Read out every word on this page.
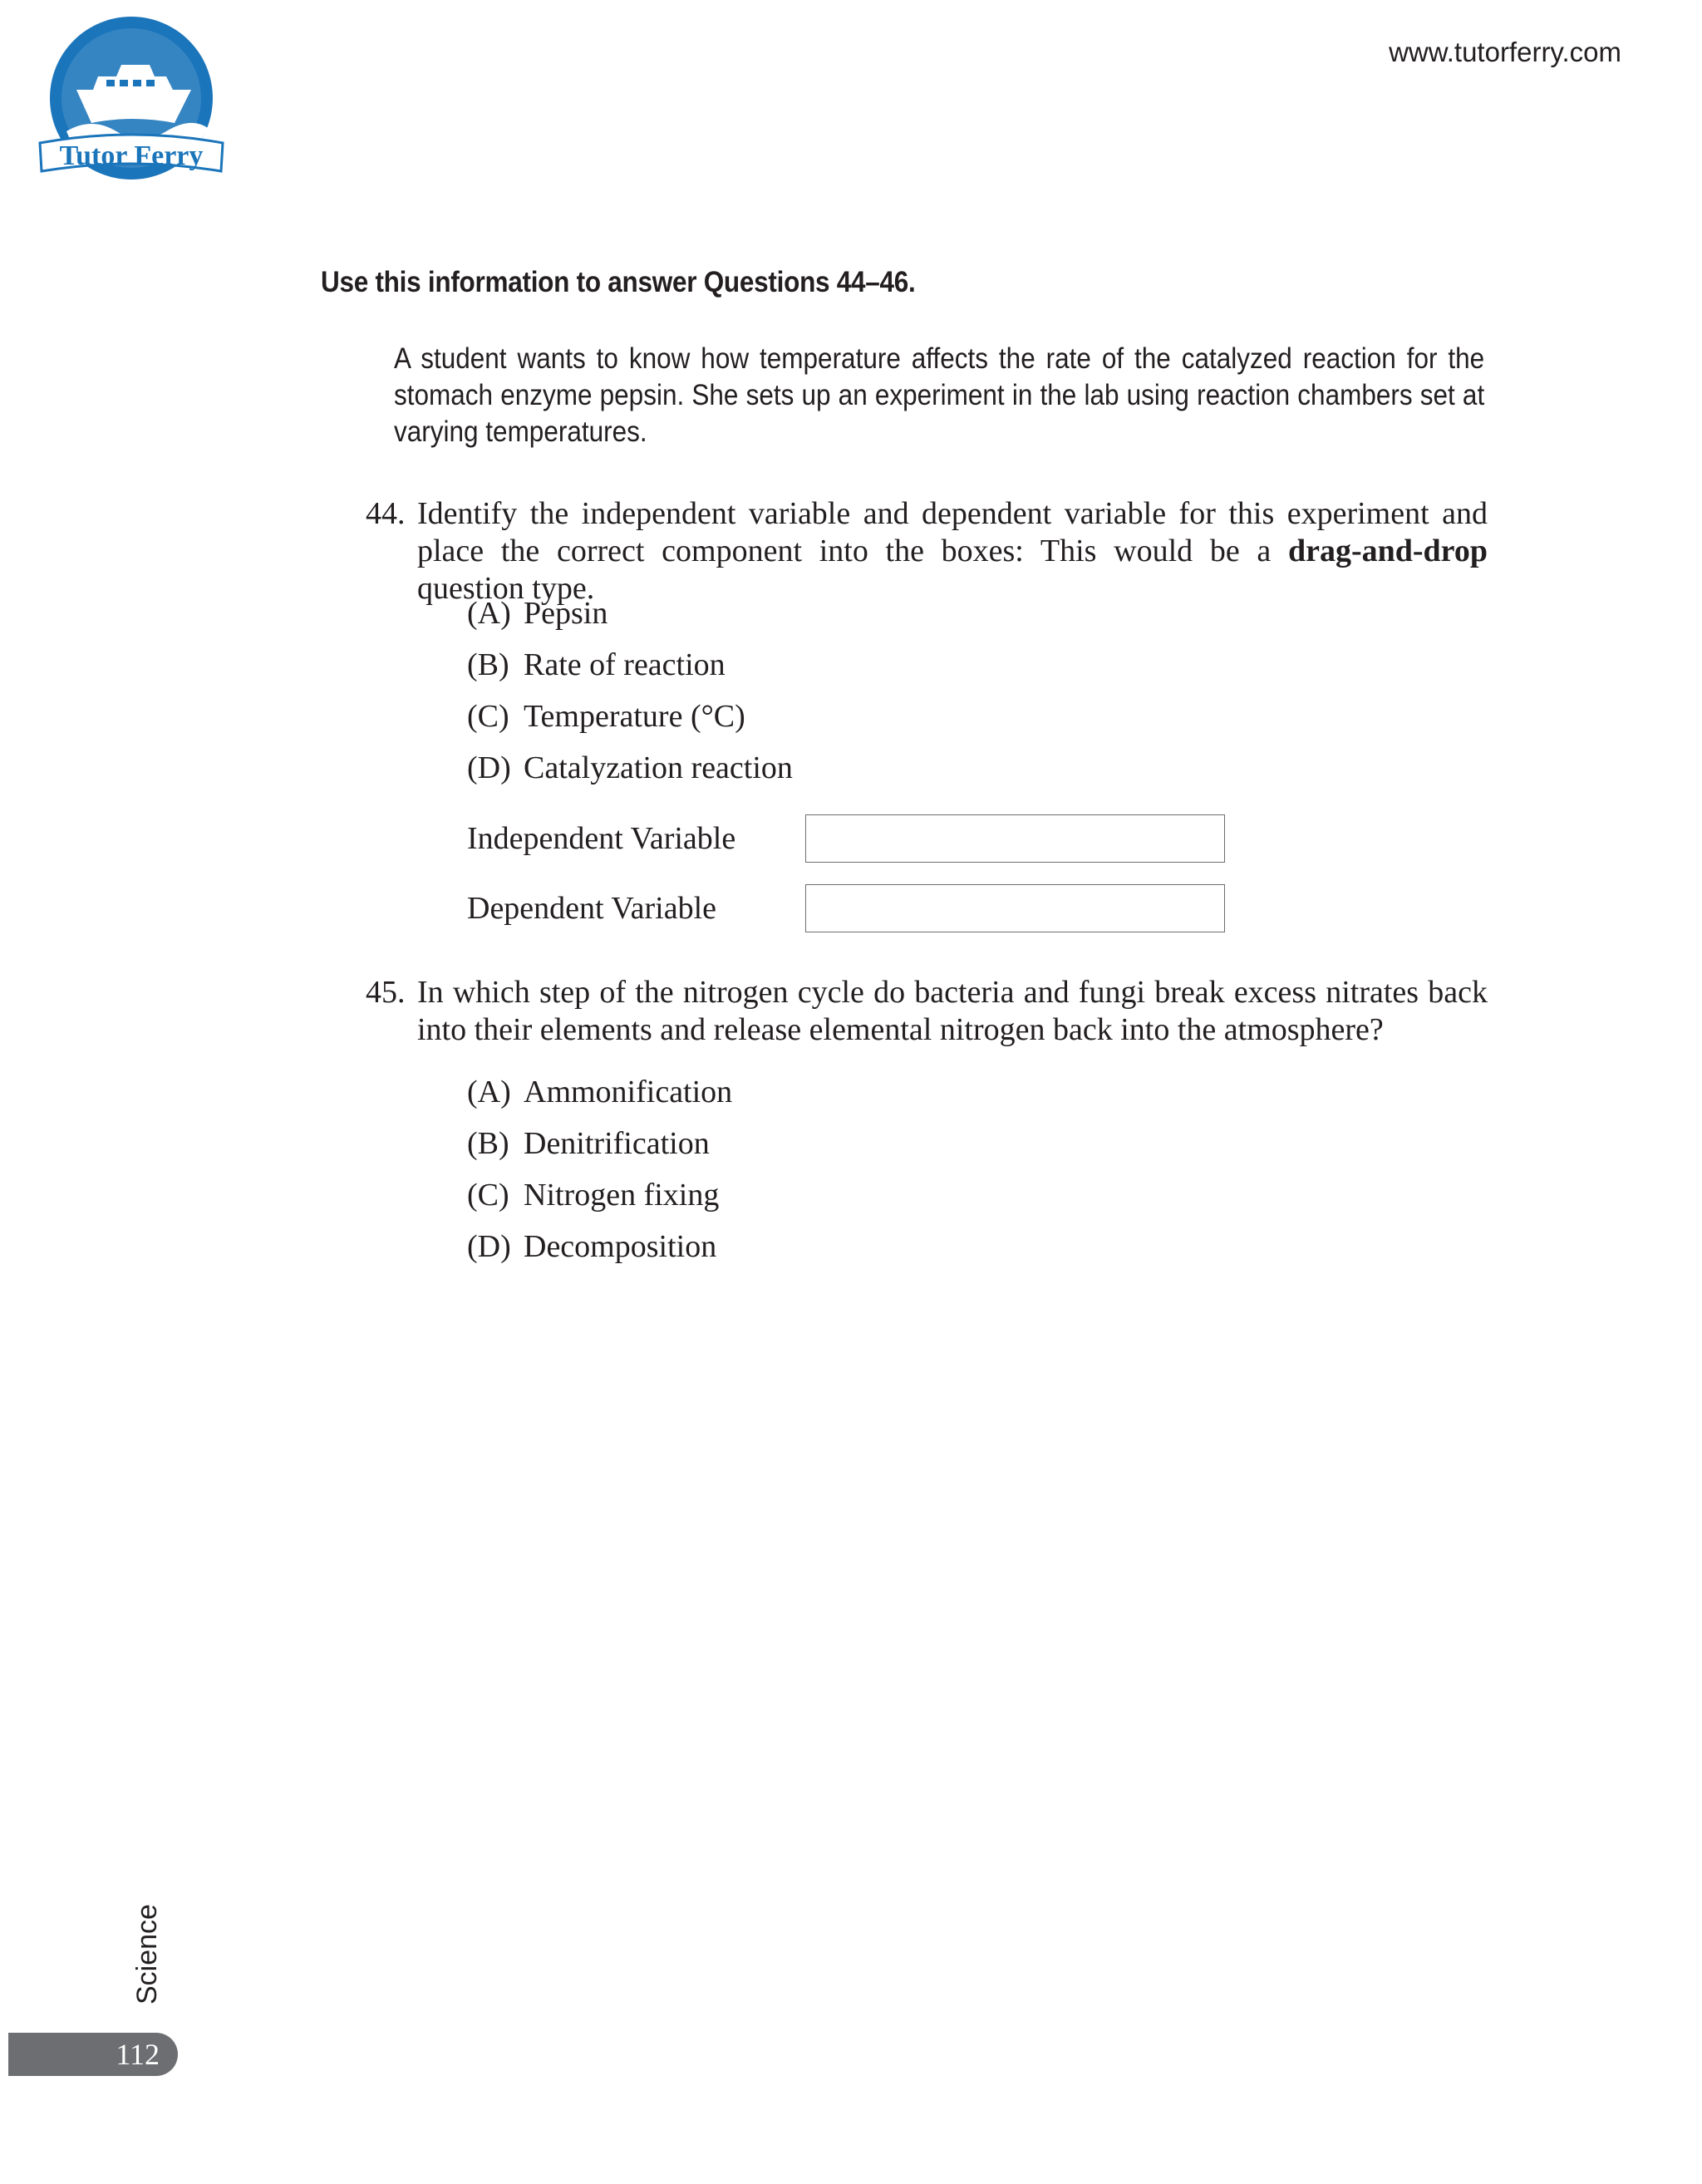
Tutor Ferry
www.tutorferry.com
Use this information to answer Questions 44–46.
A student wants to know how temperature affects the rate of the catalyzed reaction for the stomach enzyme pepsin. She sets up an experiment in the lab using reaction chambers set at varying temperatures.
44. Identify the independent variable and dependent variable for this experiment and place the correct component into the boxes: This would be a drag-and-drop question type.
(A) Pepsin
(B) Rate of reaction
(C) Temperature (°C)
(D) Catalyzation reaction
Independent Variable
Dependent Variable
45. In which step of the nitrogen cycle do bacteria and fungi break excess nitrates back into their elements and release elemental nitrogen back into the atmosphere?
(A) Ammonification
(B) Denitrification
(C) Nitrogen fixing
(D) Decomposition
Science
112
